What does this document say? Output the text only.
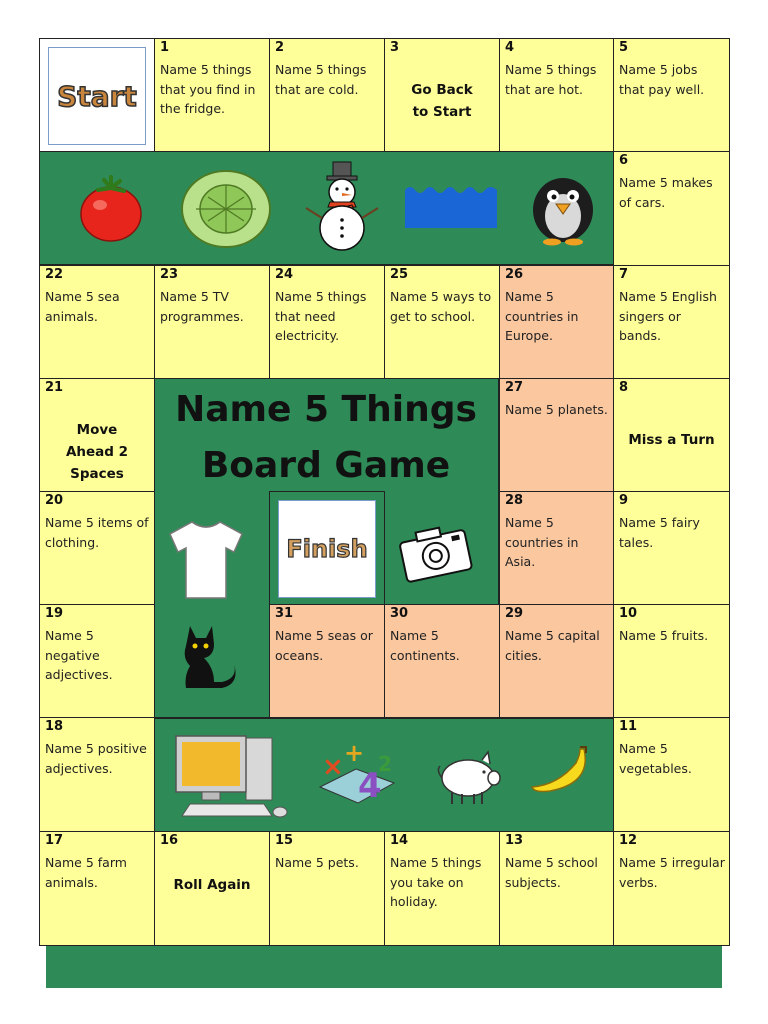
Start
1
Name 5 things that you find in the fridge.
2
Name 5 things that are cold.
3
Go Back to Start
4
Name 5 things that are hot.
5
Name 5 jobs that pay well.
6
Name 5 makes of cars.
22
Name 5 sea animals.
23
Name 5 TV programmes.
24
Name 5 things that need electricity.
25
Name 5 ways to get to school.
26
Name 5 countries in Europe.
7
Name 5 English singers or bands.
21
Move Ahead 2 Spaces
27
Name 5 planets.
8
Miss a Turn
Name 5 Things
Board Game
20
Name 5 items of clothing.
28
Name 5 countries in Asia.
9
Name 5 fairy tales.
Finish
19
Name 5 negative adjectives.
31
Name 5 seas or oceans.
30
Name 5 continents.
29
Name 5 capital cities.
10
Name 5 fruits.
18
Name 5 positive adjectives.
11
Name 5 vegetables.
17
Name 5 farm animals.
16
Roll Again
15
Name 5 pets.
14
Name 5 things you take on holiday.
13
Name 5 school subjects.
12
Name 5 irregular verbs.
× +
4
2
